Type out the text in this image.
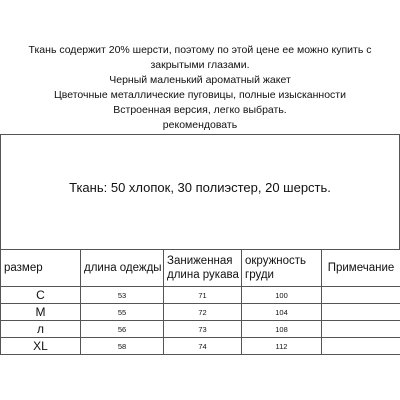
Ткань содержит 20% шерсти, поэтому по этой цене ее можно купить с закрытыми глазами.

Черный маленький ароматный жакет

Цветочные металлические пуговицы, полные изысканности

Встроенная версия, легко выбрать.

рекомендовать

Ткань: 50 хлопок, 30 полиэстер, 20 шерсть.
размер	длина одежды	Заниженная длина рукава	окружность груди	Примечание
С	53	71	100	
М	55	72	104	
л	56	73	108	
XL	58	74	112	
